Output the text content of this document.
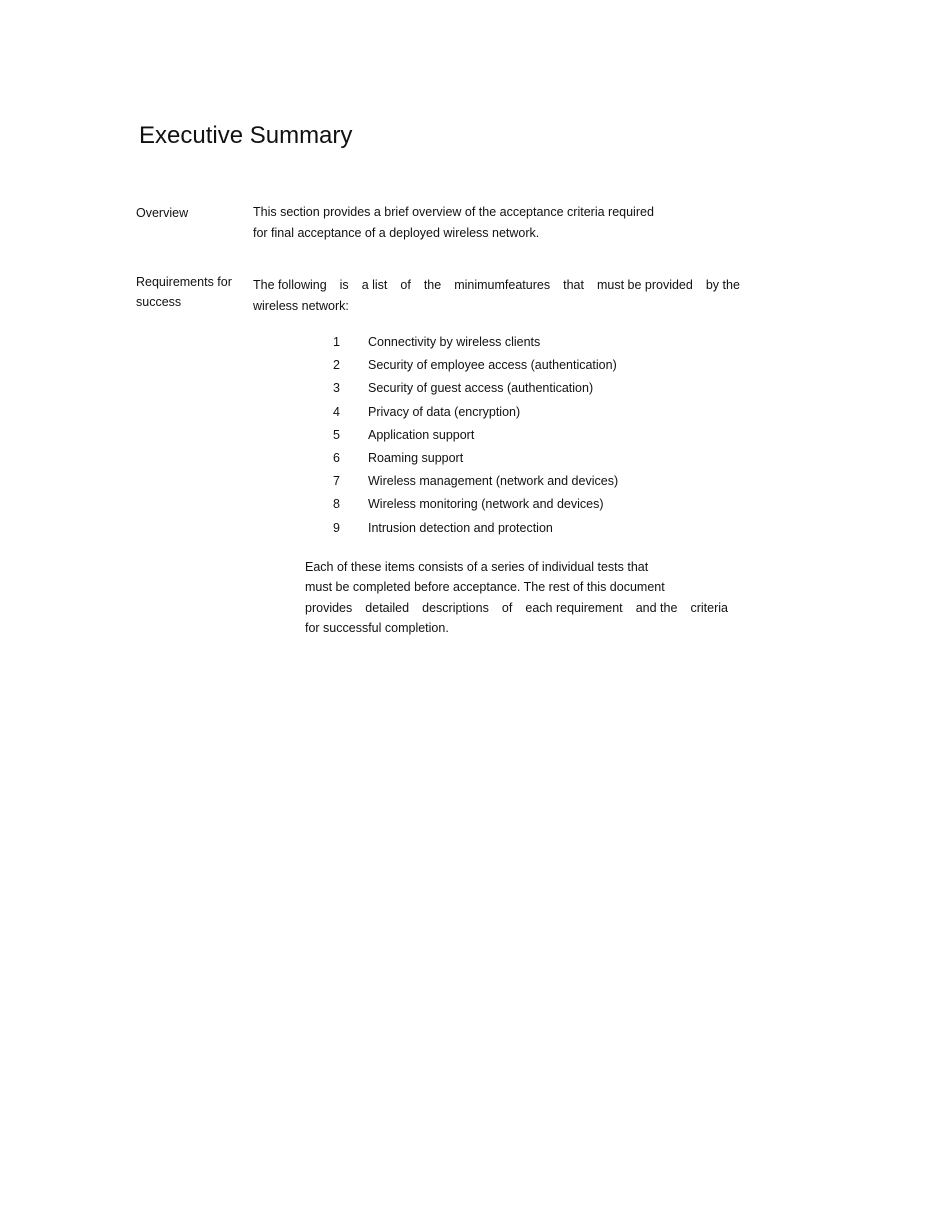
Executive Summary
Overview	This section provides a brief overview of the acceptance criteria required
for final acceptance of a deployed wireless network.
Requirements for
success
The following is a list of the minimumfeatures that must be provided by the
wireless network:
1	Connectivity by wireless clients
2	Security of employee access (authentication)
3	Security of guest access (authentication)
4	Privacy of data (encryption)
5	Application support
6	Roaming support
7	Wireless management (network and devices)
8	Wireless monitoring (network and devices)
9	Intrusion detection and protection
Each of these items consists of a series of individual tests that
must be completed before acceptance. The rest of this document
provides detailed descriptions of each requirement and the criteria
for successful completion.
